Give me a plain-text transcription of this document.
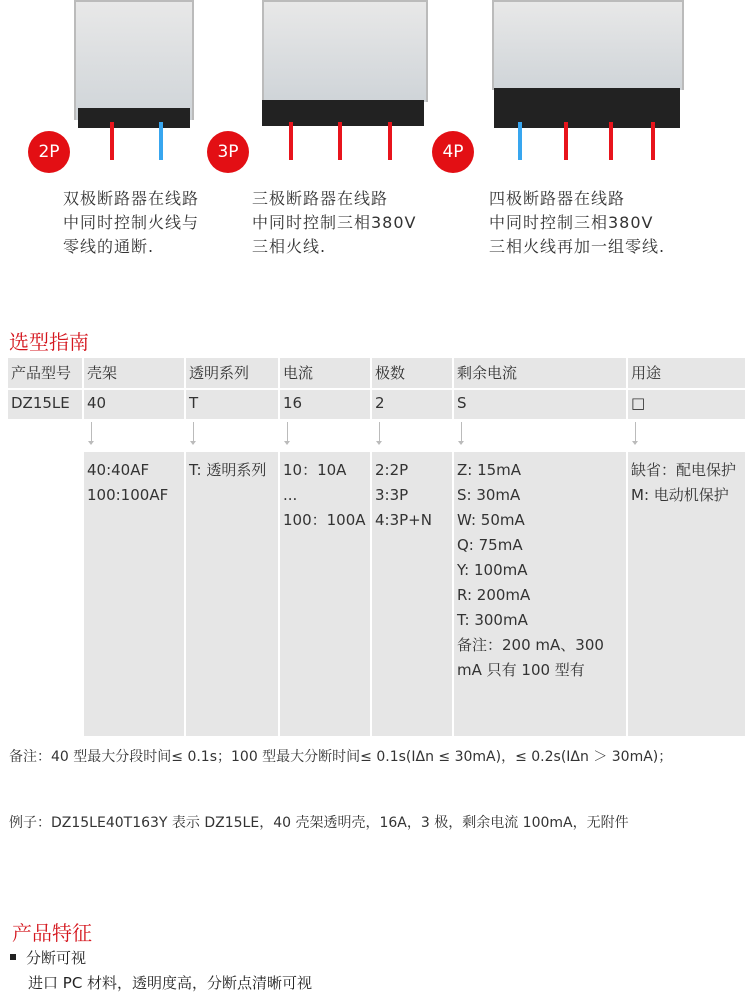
2P	3P	4P
双极断路器在线路
中同时控制火线与
零线的通断.
三极断路器在线路
中同时控制三相380V
三相火线.
四极断路器在线路
中同时控制三相380V
三相火线再加一组零线.
选型指南
产品型号
DZ15LE
壳架
40
40:40AF
100:100AF
透明系列
T
T: 透明系列
电流
16
10：10A
...
100：100A
极数
2
2:2P
3:3P
4:3P+N
剩余电流
S
Z: 15mA
S: 30mA
W: 50mA
Q: 75mA
Y: 100mA
R: 200mA
T: 300mA
备注：200 mA、300
mA 只有 100 型有
用途
□
缺省：配电保护
M: 电动机保护
备注：40 型最大分段时间≤ 0.1s；100 型最大分断时间≤ 0.1s(IΔn ≤ 30mA)，≤ 0.2s(IΔn ＞ 30mA)；
例子：DZ15LE40T163Y 表示 DZ15LE，40 壳架透明壳，16A，3 极，剩余电流 100mA，无附件
产品特征
分断可视
进口 PC 材料，透明度高，分断点清晰可视
